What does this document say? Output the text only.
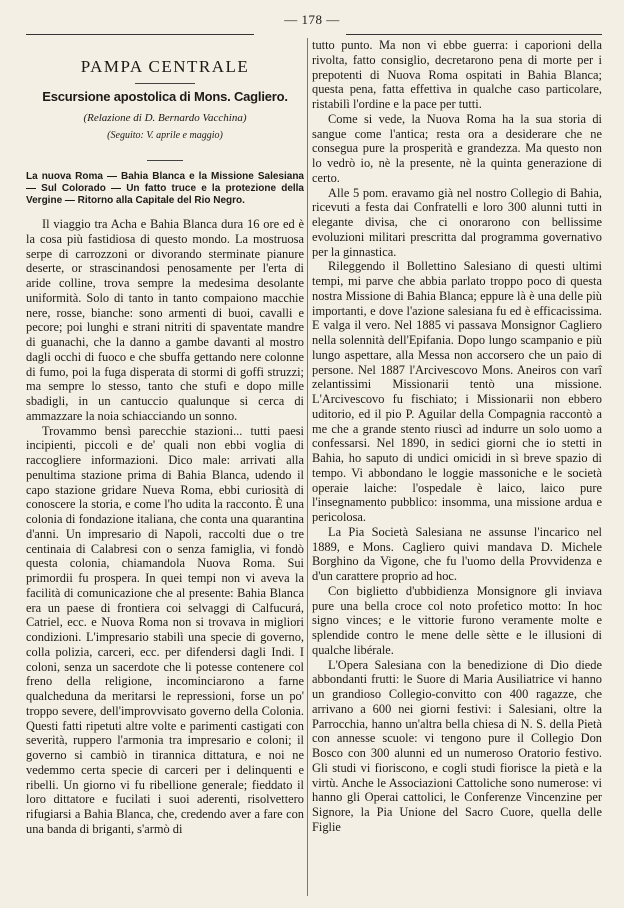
— 178 —
PAMPA CENTRALE
Escursione apostolica di Mons. Cagliero.
(Relazione di D. Bernardo Vacchina)
(Seguito: V. aprile e maggio)
La nuova Roma — Bahia Blanca e la Missione Salesiana — Sul Colorado — Un fatto truce e la protezione della Vergine — Ritorno alla Capitale del Rio Negro.

Il viaggio tra Acha e Bahia Blanca dura 16 ore ed è la cosa più fastidiosa di questo mondo. La mostruosa serpe di carrozzoni or divorando sterminate pianure deserte, or strascinandosi penosamente per l'erta di aride colline, trova sempre la medesima desolante uniformità. Solo di tanto in tanto compaiono macchie nere, rosse, bianche: sono armenti di buoi, cavalli e pecore; poi lunghi e strani nitriti di spaventate mandre di guanachi, che la danno a gambe davanti al mostro dagli occhi di fuoco e che sbuffa gettando nere colonne di fumo, poi la fuga disperata di stormi di goffi struzzi; ma sempre lo stesso, tanto che stufi e dopo mille sbadigli, in un cantuccio qualunque si cerca di ammazzare la noia schiacciando un sonno.

Trovammo bensì parecchie stazioni... tutti paesi incipienti, piccoli e de' quali non ebbi voglia di raccogliere informazioni. Dico male: arrivati alla penultima stazione prima di Bahia Blanca, udendo il capo stazione gridare Nueva Roma, ebbi curiosità di conoscere la storia, e come l'ho udita la racconto. È una colonia di fondazione italiana, che conta una quarantina d'anni. Un impresario di Napoli, raccolti due o tre centinaia di Calabresi con o senza famiglia, vi fondò questa colonia, chiamandola Nuova Roma. Sui primordii fu prospera. In quei tempi non vi aveva la facilità di comunicazione che al presente: Bahia Blanca era un paese di frontiera coi selvaggi di Calfucurá, Catriel, ecc. e Nuova Roma non si trovava in migliori condizioni. L'impresario stabilì una specie di governo, colla polizia, carceri, ecc. per difendersi dagli Indi. I coloni, senza un sacerdote che li potesse contenere col freno della religione, incominciarono a farne qualcheduna da meritarsi le repressioni, forse un po' troppo severe, dell'improvvisato governo della Colonia. Questi fatti ripetuti altre volte e parimenti castigati con severità, ruppero l'armonia tra impresario e coloni; il governo si cambiò in tirannica dittatura, e noi ne vedemmo certa specie di carceri per i delinquenti e ribelli. Un giorno vi fu ribellione generale; fieddato il loro dittatore e fucilati i suoi aderenti, risolvettero rifugiarsi a Bahia Blanca, che, credendo aver a fare con una banda di briganti, s'armò di

tutto punto. Ma non vi ebbe guerra: i caporioni della rivolta, fatto consiglio, decretarono pena di morte per i prepotenti di Nuova Roma ospitati in Bahia Blanca; questa pena, fatta effettiva in qualche caso particolare, ristabilì l'ordine e la pace per tutti.

Come si vede, la Nuova Roma ha la sua storia di sangue come l'antica; resta ora a desiderare che ne consegua pure la prosperità e grandezza. Ma questo non lo vedrò io, nè la presente, nè la quinta generazione di certo.

Alle 5 pom. eravamo già nel nostro Collegio di Bahia, ricevuti a festa dai Confratelli e loro 300 alunni tutti in elegante divisa, che ci onorarono con bellissime evoluzioni militari prescritta dal programma governativo per la ginnastica.

Rileggendo il Bollettino Salesiano di questi ultimi tempi, mi parve che abbia parlato troppo poco di questa nostra Missione di Bahia Blanca; eppure là è una delle più importanti, e dove l'azione salesiana fu ed è efficacissima. E valga il vero. Nel 1885 vi passava Monsignor Cagliero nella solennità dell'Epifania. Dopo lungo scampanio e più lungo aspettare, alla Messa non accorsero che un paio di persone. Nel 1887 l'Arcivescovo Mons. Aneiros con varî zelantissimi Missionarii tentò una missione. L'Arcivescovo fu fischiato; i Missionarii non ebbero uditorio, ed il pio P. Aguilar della Compagnia raccontò a me che a grande stento riuscì ad indurre un solo uomo a confessarsi. Nel 1890, in sedici giorni che io stetti in Bahia, ho saputo di undici omicidi in sì breve spazio di tempo. Vi abbondano le loggie massoniche e le società operaie laiche: l'ospedale è laico, laico pure l'insegnamento pubblico: insomma, una missione ardua e pericolosa.

La Pia Società Salesiana ne assunse l'incarico nel 1889, e Mons. Cagliero quivi mandava D. Michele Borghino da Vigone, che fu l'uomo della Provvidenza e d'un carattere proprio ad hoc.

Con biglietto d'ubbidienza Monsignore gli inviava pure una bella croce col noto profetico motto: In hoc signo vinces; e le vittorie furono veramente molte e splendide contro le mene delle sètte e le illusioni di qualche libérale.

L'Opera Salesiana con la benedizione di Dio diede abbondanti frutti: le Suore di Maria Ausiliatrice vi hanno un grandioso Collegio-convitto con 400 ragazze, che arrivano a 600 nei giorni festivi: i Salesiani, oltre la Parrocchia, hanno un'altra bella chiesa di N. S. della Pietà con annesse scuole: vi tengono pure il Collegio Don Bosco con 300 alunni ed un numeroso Oratorio festivo. Gli studi vi fioriscono, e cogli studi fiorisce la pietà e la virtù. Anche le Associazioni Cattoliche sono numerose: vi hanno gli Operai cattolici, le Conferenze Vincenzine per Signore, la Pia Unione del Sacro Cuore, quella delle Figlie
